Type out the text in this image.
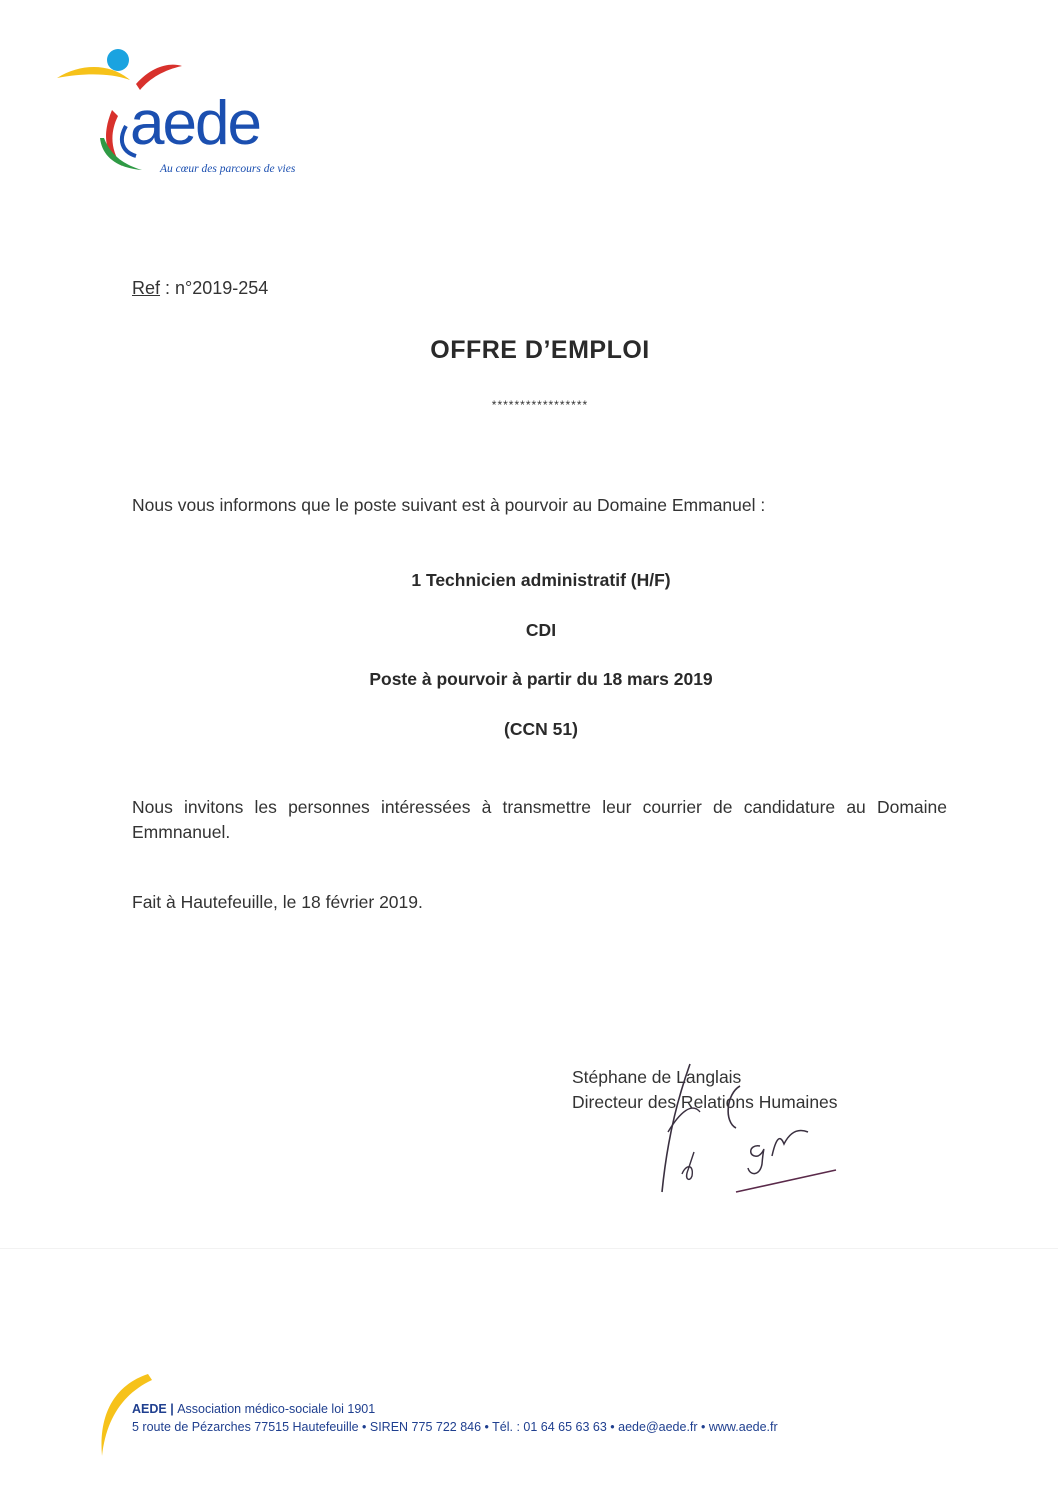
aede
Au cœur des parcours de vies
Ref : n°2019-254
OFFRE D’EMPLOI
*****************
Nous vous informons que le poste suivant est à pourvoir au Domaine Emmanuel :
1 Technicien administratif (H/F)
CDI
Poste à pourvoir à partir du 18 mars 2019
(CCN 51)
Nous invitons les personnes intéressées à transmettre leur courrier de candidature au Domaine Emmnanuel.
Fait à Hautefeuille, le 18 février 2019.
Stéphane de Langlais
Directeur des Relations Humaines
AEDE | Association médico-sociale loi 1901
5 route de Pézarches 77515 Hautefeuille • SIREN 775 722 846 • Tél. : 01 64 65 63 63 • aede@aede.fr • www.aede.fr
